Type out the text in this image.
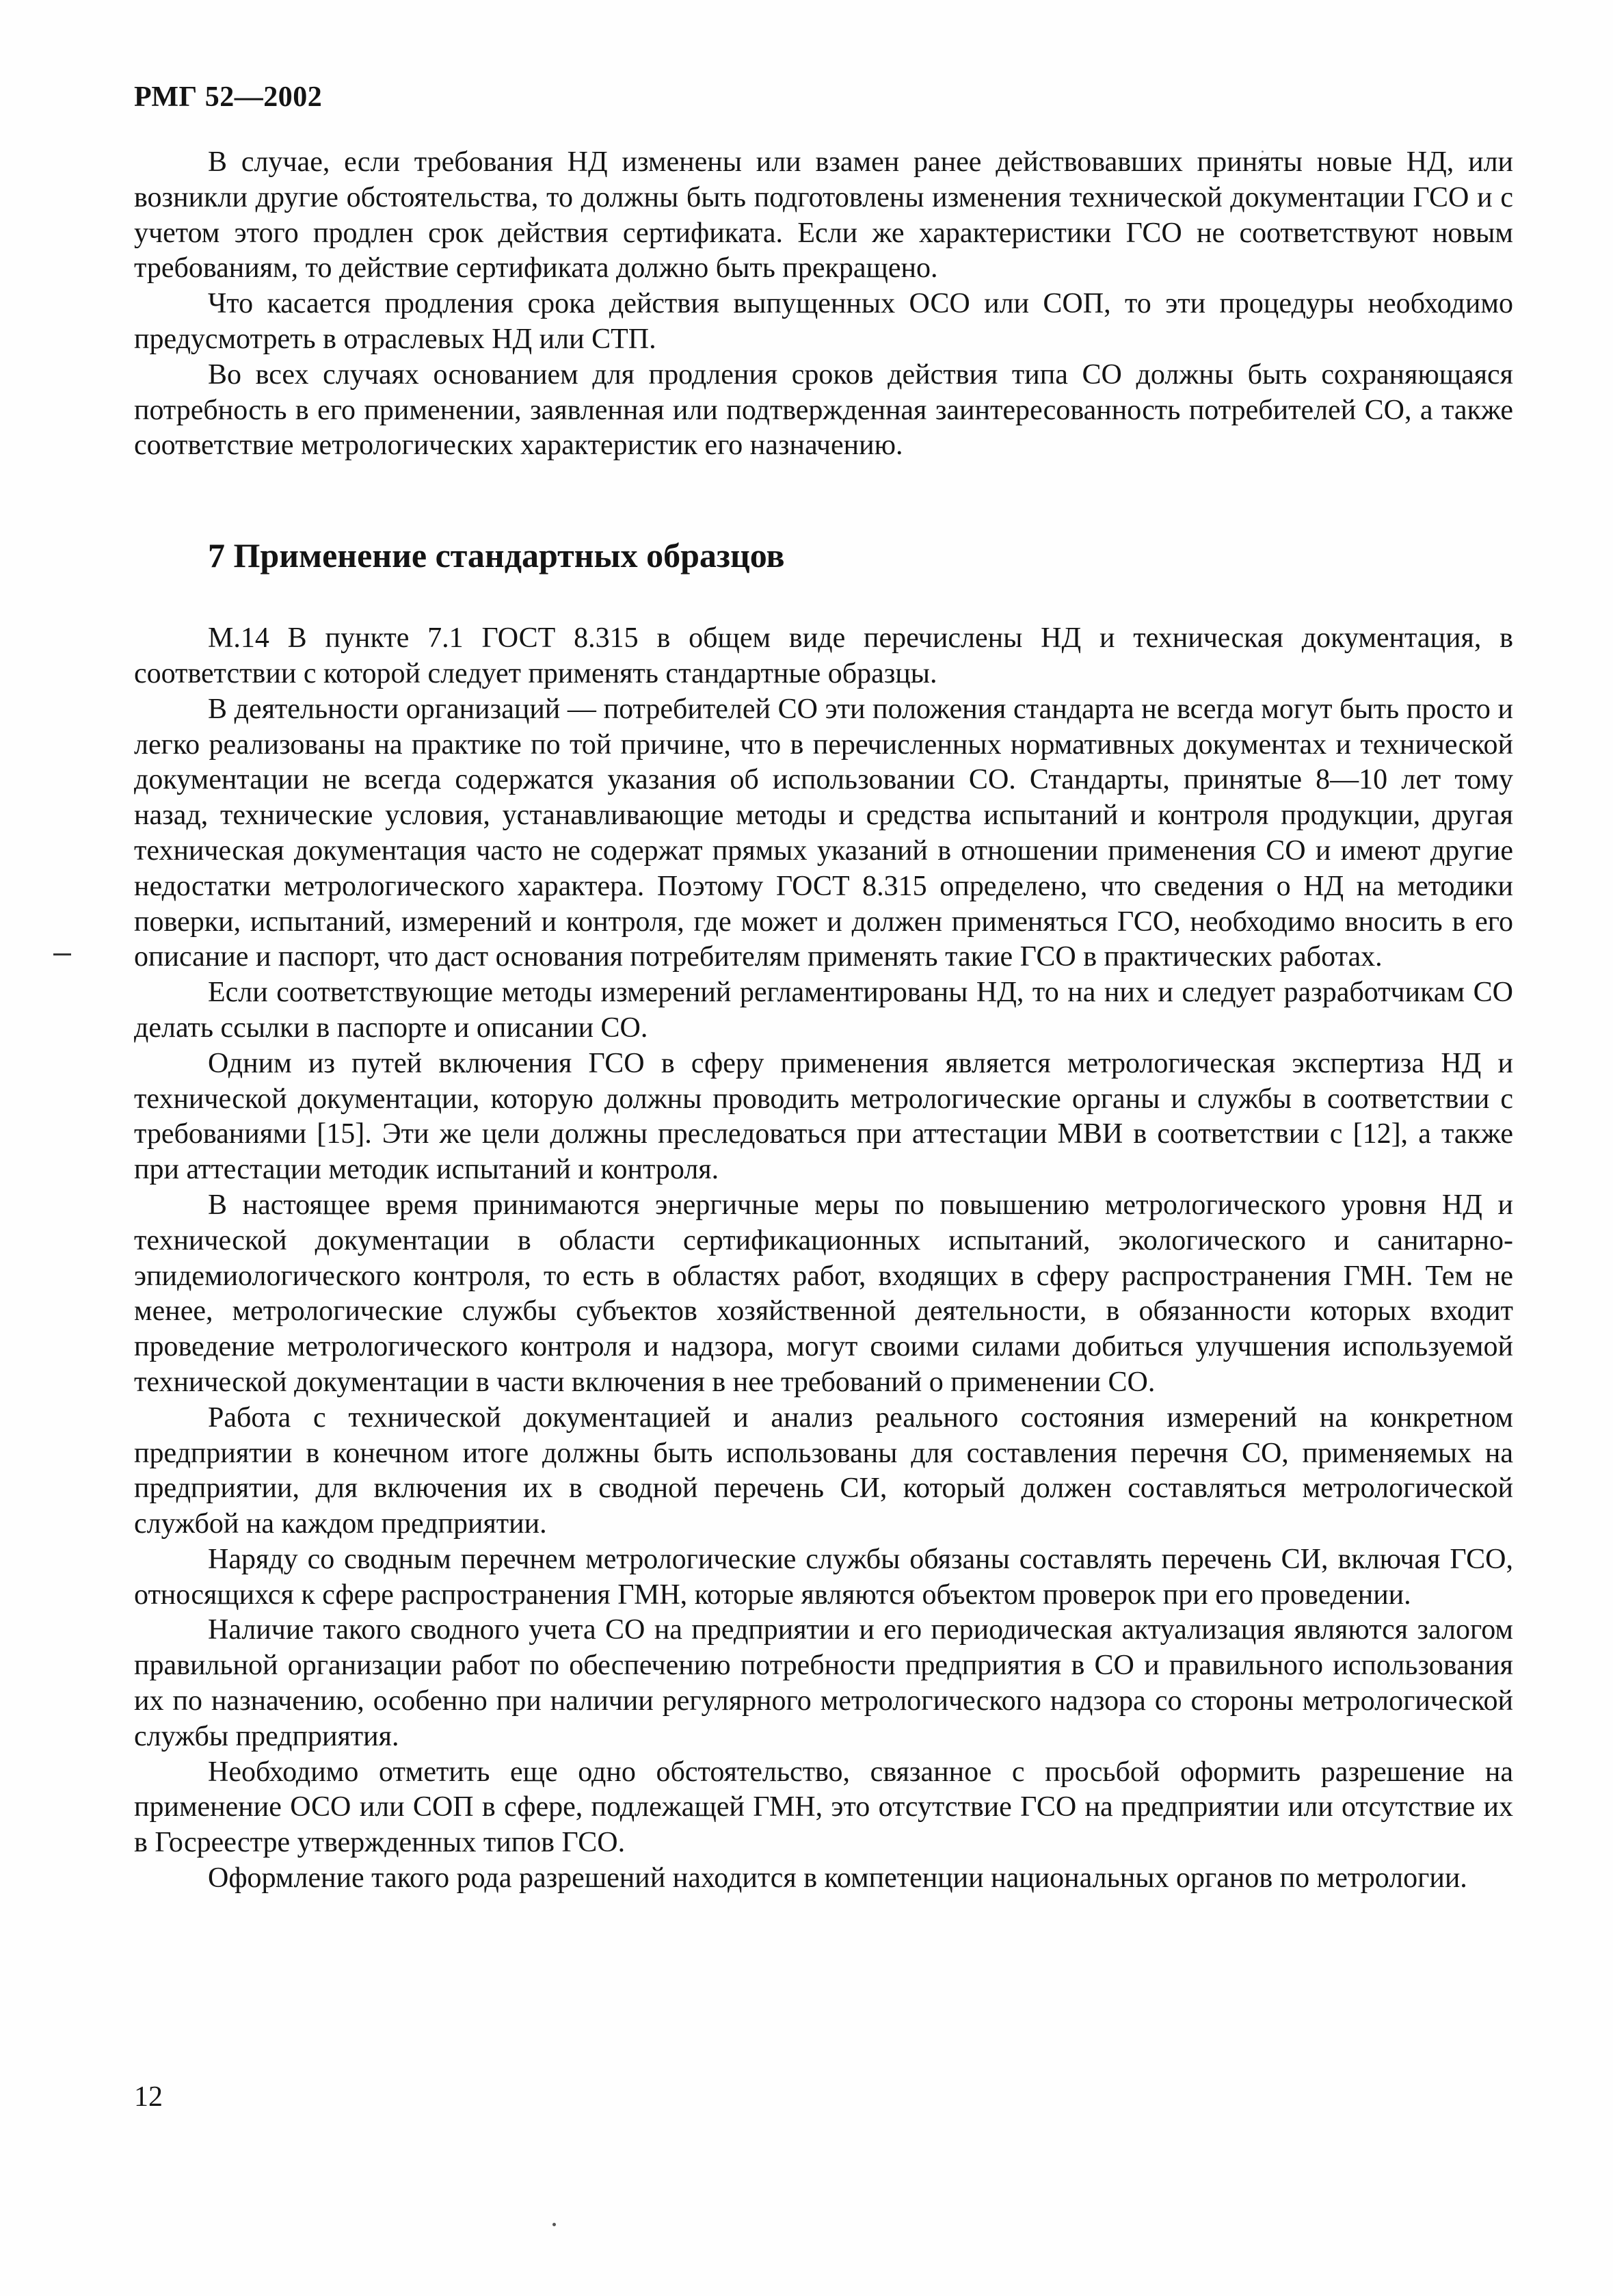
РМГ 52—2002

В случае, если требования НД изменены или взамен ранее действовавших приняты новые НД, или возникли другие обстоятельства, то должны быть подготовлены изменения технической документации ГСО и с учетом этого продлен срок действия сертификата. Если же характеристики ГСО не соответствуют новым требованиям, то действие сертификата должно быть прекращено.

Что касается продления срока действия выпущенных ОСО или СОП, то эти процедуры необходимо предусмотреть в отраслевых НД или СТП.

Во всех случаях основанием для продления сроков действия типа СО должны быть сохраняющаяся потребность в его применении, заявленная или подтвержденная заинтересованность потребителей СО, а также соответствие метрологических характеристик его назначению.

7 Применение стандартных образцов

М.14 В пункте 7.1 ГОСТ 8.315 в общем виде перечислены НД и техническая документация, в соответствии с которой следует применять стандартные образцы.

В деятельности организаций — потребителей СО эти положения стандарта не всегда могут быть просто и легко реализованы на практике по той причине, что в перечисленных нормативных документах и технической документации не всегда содержатся указания об использовании СО. Стандарты, принятые 8—10 лет тому назад, технические условия, устанавливающие методы и средства испытаний и контроля продукции, другая техническая документация часто не содержат прямых указаний в отношении применения СО и имеют другие недостатки метрологического характера. Поэтому ГОСТ 8.315 определено, что сведения о НД на методики поверки, испытаний, измерений и контроля, где может и должен применяться ГСО, необходимо вносить в его описание и паспорт, что даст основания потребителям применять такие ГСО в практических работах.

Если соответствующие методы измерений регламентированы НД, то на них и следует разработчикам СО делать ссылки в паспорте и описании СО.

Одним из путей включения ГСО в сферу применения является метрологическая экспертиза НД и технической документации, которую должны проводить метрологические органы и службы в соответствии с требованиями [15]. Эти же цели должны преследоваться при аттестации МВИ в соответствии с [12], а также при аттестации методик испытаний и контроля.

В настоящее время принимаются энергичные меры по повышению метрологического уровня НД и технической документации в области сертификационных испытаний, экологического и санитарно-эпидемиологического контроля, то есть в областях работ, входящих в сферу распространения ГМН. Тем не менее, метрологические службы субъектов хозяйственной деятельности, в обязанности которых входит проведение метрологического контроля и надзора, могут своими силами добиться улучшения используемой технической документации в части включения в нее требований о применении СО.

Работа с технической документацией и анализ реального состояния измерений на конкретном предприятии в конечном итоге должны быть использованы для составления перечня СО, применяемых на предприятии, для включения их в сводной перечень СИ, который должен составляться метрологической службой на каждом предприятии.

Наряду со сводным перечнем метрологические службы обязаны составлять перечень СИ, включая ГСО, относящихся к сфере распространения ГМН, которые являются объектом проверок при его проведении.

Наличие такого сводного учета СО на предприятии и его периодическая актуализация являются залогом правильной организации работ по обеспечению потребности предприятия в СО и правильного использования их по назначению, особенно при наличии регулярного метрологического надзора со стороны метрологической службы предприятия.

Необходимо отметить еще одно обстоятельство, связанное с просьбой оформить разрешение на применение ОСО или СОП в сфере, подлежащей ГМН, это отсутствие ГСО на предприятии или отсутствие их в Госреестре утвержденных типов ГСО.

Оформление такого рода разрешений находится в компетенции национальных органов по метрологии.

12
